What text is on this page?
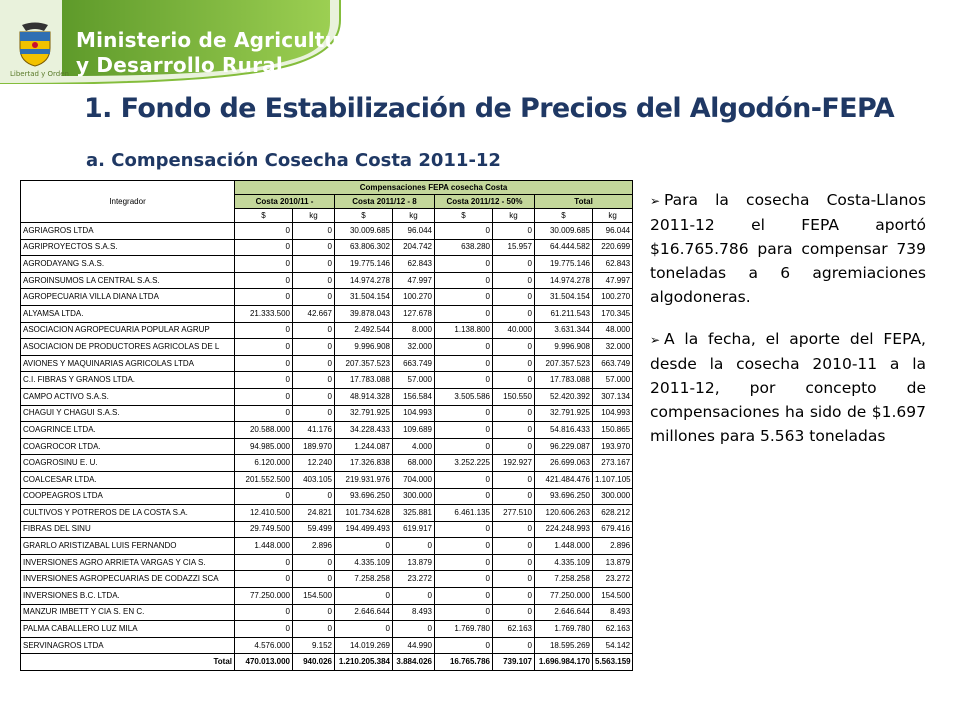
Ministerio de Agricultura
y Desarrollo Rural
Libertad y Orden
1. Fondo de Estabilización de Precios del Algodón-FEPA
a. Compensación Cosecha Costa 2011-12
Integrador	Compensaciones FEPA cosecha Costa							
	Costa 2010/11 -		Costa 2011/12 - 8		Costa 2011/12 - 50%		Total	
	$	kg	$	kg	$	kg	$	kg
AGRIAGROS LTDA	0	0	30.009.685	96.044	0	0	30.009.685	96.044
AGRIPROYECTOS S.A.S.	0	0	63.806.302	204.742	638.280	15.957	64.444.582	220.699
AGRODAYANG S.A.S.	0	0	19.775.146	62.843	0	0	19.775.146	62.843
AGROINSUMOS LA CENTRAL S.A.S.	0	0	14.974.278	47.997	0	0	14.974.278	47.997
AGROPECUARIA VILLA DIANA LTDA	0	0	31.504.154	100.270	0	0	31.504.154	100.270
ALYAMSA LTDA.	21.333.500	42.667	39.878.043	127.678	0	0	61.211.543	170.345
ASOCIACION AGROPECUARIA POPULAR AGRUP	0	0	2.492.544	8.000	1.138.800	40.000	3.631.344	48.000
ASOCIACION DE PRODUCTORES AGRICOLAS DE L	0	0	9.996.908	32.000	0	0	9.996.908	32.000
AVIONES Y MAQUINARIAS AGRICOLAS LTDA	0	0	207.357.523	663.749	0	0	207.357.523	663.749
C.I. FIBRAS Y GRANOS LTDA.	0	0	17.783.088	57.000	0	0	17.783.088	57.000
CAMPO ACTIVO S.A.S.	0	0	48.914.328	156.584	3.505.586	150.550	52.420.392	307.134
CHAGUI Y CHAGUI S.A.S.	0	0	32.791.925	104.993	0	0	32.791.925	104.993
COAGRINCE LTDA.	20.588.000	41.176	34.228.433	109.689	0	0	54.816.433	150.865
COAGROCOR LTDA.	94.985.000	189.970	1.244.087	4.000	0	0	96.229.087	193.970
COAGROSINU E. U.	6.120.000	12.240	17.326.838	68.000	3.252.225	192.927	26.699.063	273.167
COALCESAR LTDA.	201.552.500	403.105	219.931.976	704.000	0	0	421.484.476	1.107.105
COOPEAGROS LTDA	0	0	93.696.250	300.000	0	0	93.696.250	300.000
CULTIVOS Y POTREROS DE LA COSTA S.A.	12.410.500	24.821	101.734.628	325.881	6.461.135	277.510	120.606.263	628.212
FIBRAS DEL SINU	29.749.500	59.499	194.499.493	619.917	0	0	224.248.993	679.416
GRARLO ARISTIZABAL LUIS FERNANDO	1.448.000	2.896	0	0	0	0	1.448.000	2.896
INVERSIONES AGRO ARRIETA VARGAS Y CIA S.	0	0	4.335.109	13.879	0	0	4.335.109	13.879
INVERSIONES AGROPECUARIAS DE CODAZZI SCA	0	0	7.258.258	23.272	0	0	7.258.258	23.272
INVERSIONES B.C. LTDA.	77.250.000	154.500	0	0	0	0	77.250.000	154.500
MANZUR IMBETT Y CIA S. EN C.	0	0	2.646.644	8.493	0	0	2.646.644	8.493
PALMA CABALLERO LUZ MILA	0	0	0	0	1.769.780	62.163	1.769.780	62.163
SERVINAGROS LTDA	4.576.000	9.152	14.019.269	44.990	0	0	18.595.269	54.142
Total	470.013.000	940.026	1.210.205.384	3.884.026	16.765.786	739.107	1.696.984.170	5.563.159

➢ Para la cosecha Costa-Llanos 2011-12 el FEPA aportó $16.765.786 para compensar 739 toneladas a 6 agremiaciones algodoneras.

➢ A la fecha, el aporte del FEPA, desde la cosecha 2010-11 a la 2011-12, por concepto de compensaciones ha sido de $1.697 millones para 5.563 toneladas
